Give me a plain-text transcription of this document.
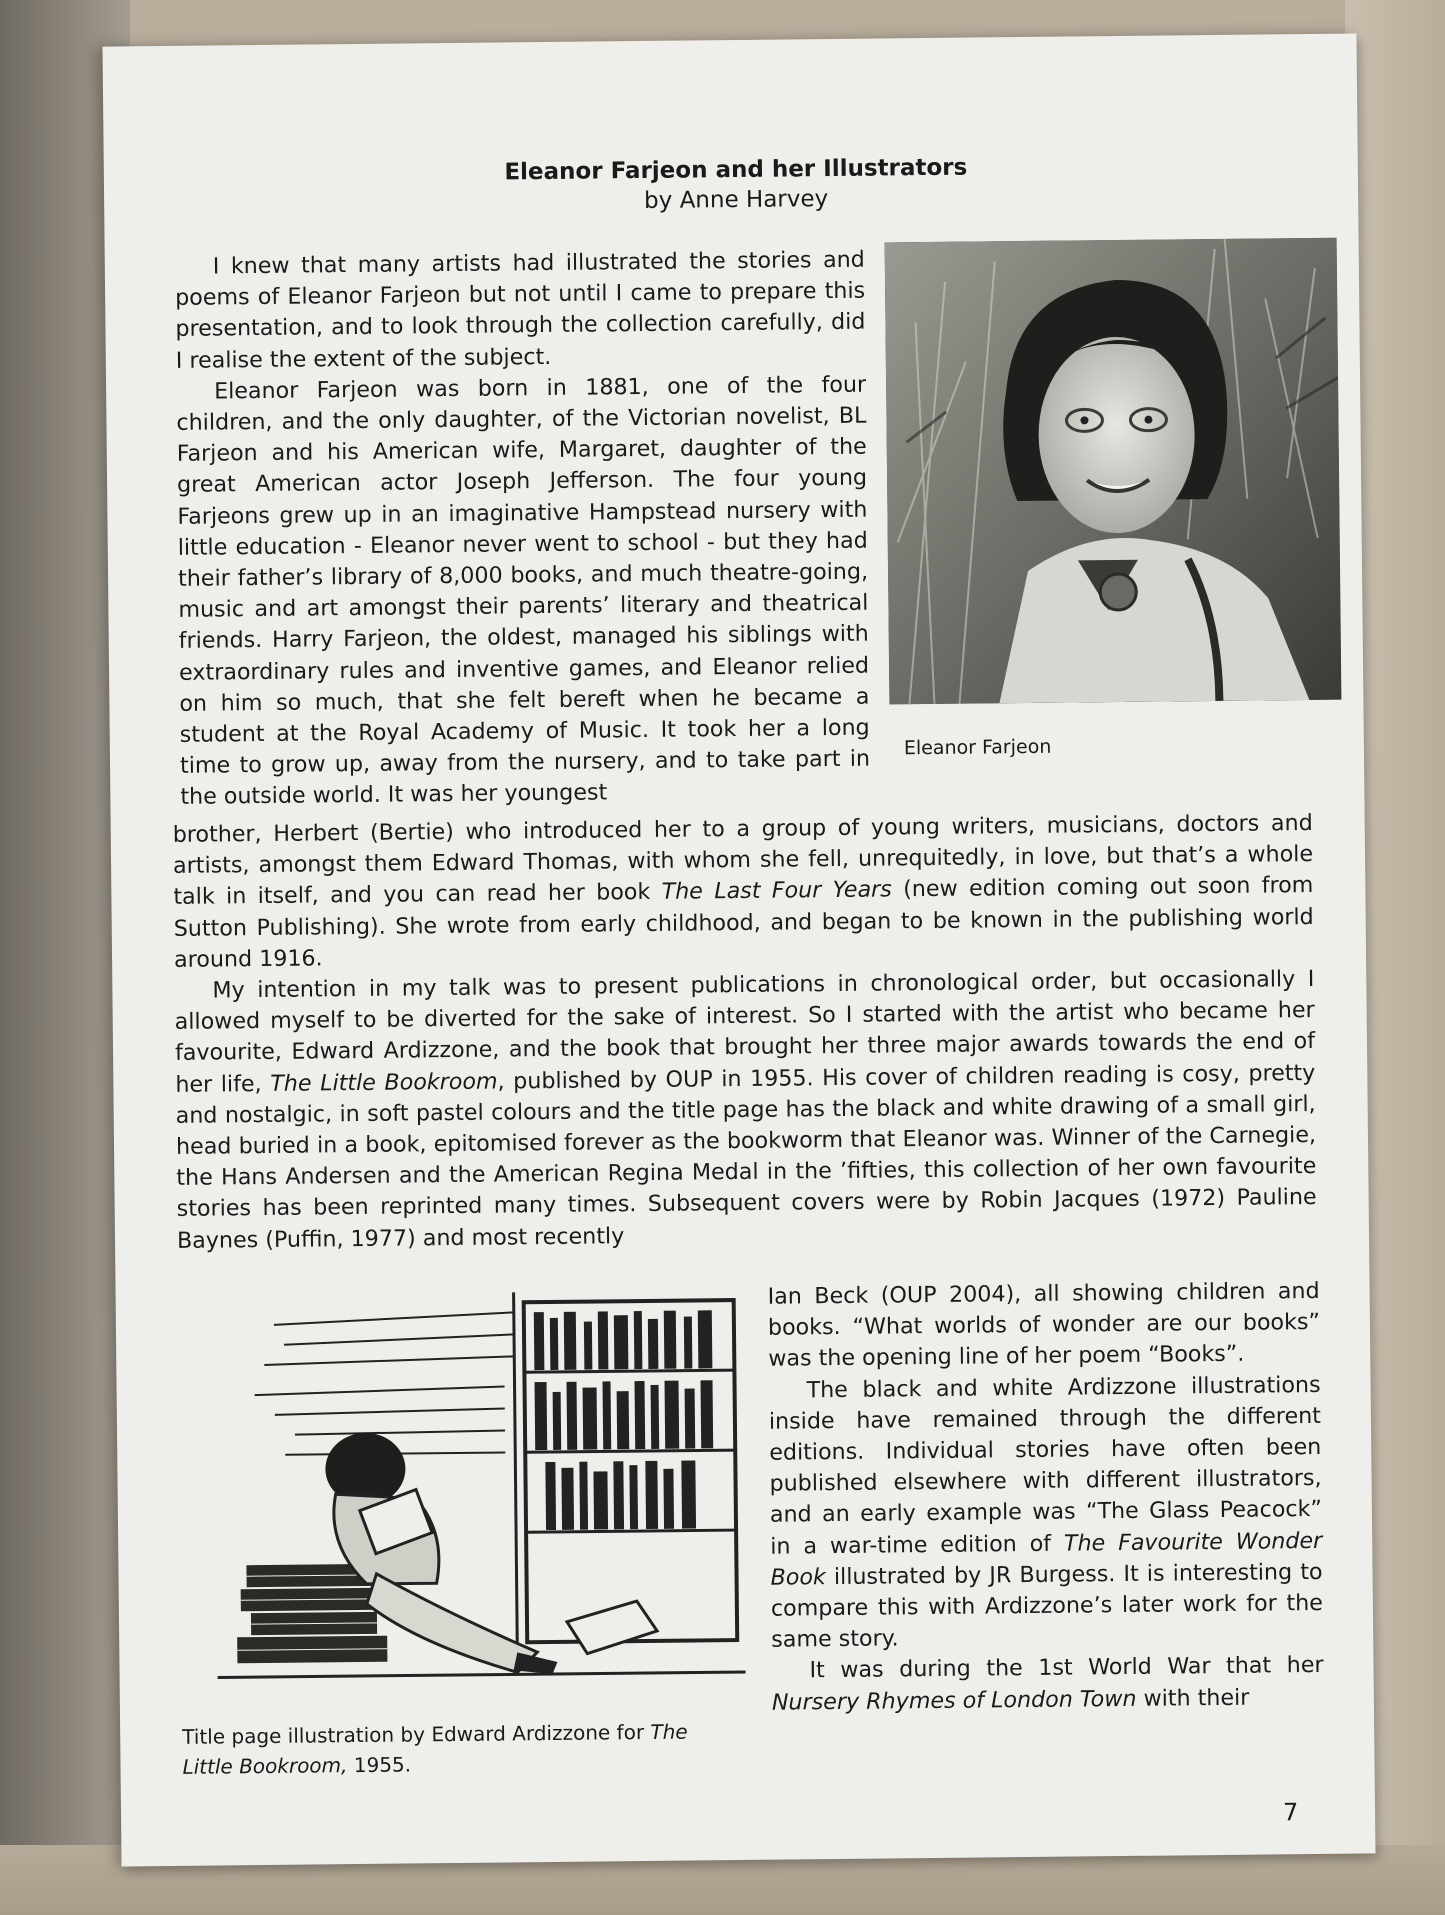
Eleanor Farjeon and her Illustrators
by Anne Harvey
Eleanor Farjeon

I knew that many artists had illustrated the stories and poems of Eleanor Farjeon but not until I came to prepare this presentation, and to look through the collection carefully, did I realise the extent of the subject.

Eleanor Farjeon was born in 1881, one of the four children, and the only daughter, of the Victorian novelist, BL Farjeon and his American wife, Margaret, daughter of the great American actor Joseph Jefferson. The four young Farjeons grew up in an imaginative Hampstead nursery with little education - Eleanor never went to school - but they had their father’s library of 8,000 books, and much theatre-going, music and art amongst their parents’ literary and theatrical friends. Harry Farjeon, the oldest, managed his siblings with extraordinary rules and inventive games, and Eleanor relied on him so much, that she felt bereft when he became a student at the Royal Academy of Music. It took her a long time to grow up, away from the nursery, and to take part in the outside world. It was her youngest

brother, Herbert (Bertie) who introduced her to a group of young writers, musicians, doctors and artists, amongst them Edward Thomas, with whom she fell, unrequitedly, in love, but that’s a whole talk in itself, and you can read her book The Last Four Years (new edition coming out soon from Sutton Publishing). She wrote from early childhood, and began to be known in the publishing world around 1916.

My intention in my talk was to present publications in chronological order, but occasionally I allowed myself to be diverted for the sake of interest. So I started with the artist who became her favourite, Edward Ardizzone, and the book that brought her three major awards towards the end of her life, The Little Bookroom, published by OUP in 1955. His cover of children reading is cosy, pretty and nostalgic, in soft pastel colours and the title page has the black and white drawing of a small girl, head buried in a book, epitomised forever as the bookworm that Eleanor was. Winner of the Carnegie, the Hans Andersen and the American Regina Medal in the ’fifties, this collection of her own favourite stories has been reprinted many times. Subsequent covers were by Robin Jacques (1972) Pauline Baynes (Puffin, 1977) and most recently

Title page illustration by Edward Ardizzone for The Little Bookroom, 1955.

Ian Beck (OUP 2004), all showing children and books. “What worlds of wonder are our books” was the opening line of her poem “Books”.

The black and white Ardizzone illustrations inside have remained through the different editions. Individual stories have often been published elsewhere with different illustrators, and an early example was “The Glass Peacock” in a war-time edition of The Favourite Wonder Book illustrated by JR Burgess. It is interesting to compare this with Ardizzone’s later work for the same story.

It was during the 1st World War that her Nursery Rhymes of London Town with their

7
